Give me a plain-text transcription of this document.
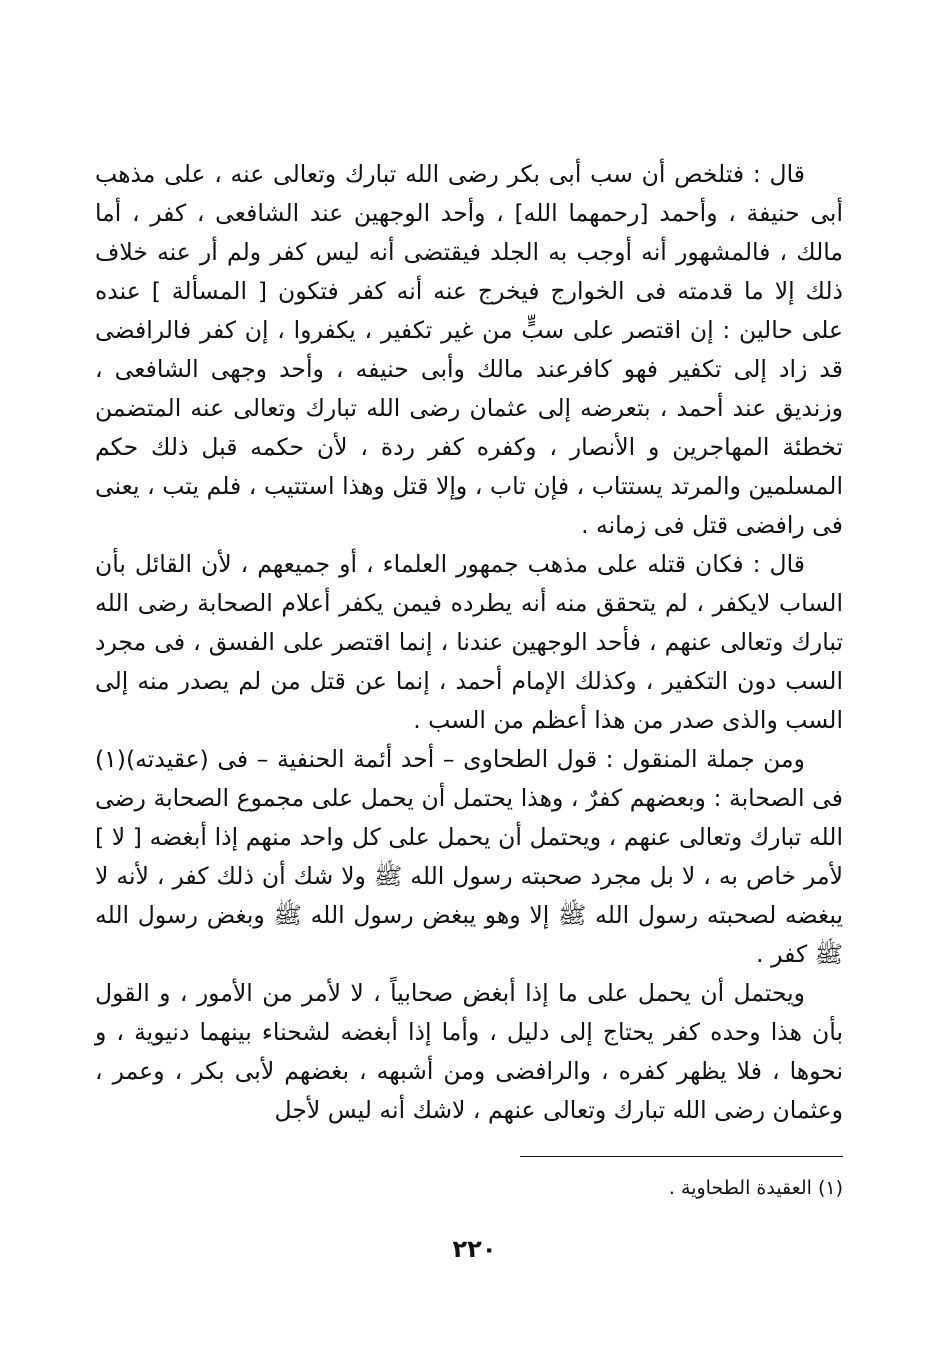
قال : فتلخص أن سب أبى بكر رضى الله تبارك وتعالى عنه ، على مذهب أبى حنيفة ، وأحمد [رحمهما الله] ، وأحد الوجهين عند الشافعى ، كفر ، أما مالك ، فالمشهور أنه أوجب به الجلد فيقتضى أنه ليس كفر ولم أر عنه خلاف ذلك إلا ما قدمته فى الخوارج فيخرج عنه أنه كفر فتكون [ المسألة ] عنده على حالين : إن اقتصر على سبٍّ من غير تكفير ، يكفروا ، إن كفر فالرافضى قد زاد إلى تكفير فهو كافرعند مالك وأبى حنيفه ، وأحد وجهى الشافعى ، وزنديق عند أحمد ، بتعرضه إلى عثمان رضى الله تبارك وتعالى عنه المتضمن تخطئة المهاجرين و الأنصار ، وكفره كفر ردة ، لأن حكمه قبل ذلك حكم المسلمين والمرتد يستتاب ، فإن تاب ، وإلا قتل وهذا استتيب ، فلم يتب ، يعنى فى رافضى قتل فى زمانه .

قال : فكان قتله على مذهب جمهور العلماء ، أو جميعهم ، لأن القائل بأن الساب لايكفر ، لم يتحقق منه أنه يطرده فيمن يكفر أعلام الصحابة رضى الله تبارك وتعالى عنهم ، فأحد الوجهين عندنا ، إنما اقتصر على الفسق ، فى مجرد السب دون التكفير ، وكذلك الإمام أحمد ، إنما عن قتل من لم يصدر منه إلى السب والذى صدر من هذا أعظم من السب .

ومن جملة المنقول : قول الطحاوى – أحد أئمة الحنفية – فى (عقيدته)(١) فى الصحابة : وبعضهم كفرٌ ، وهذا يحتمل أن يحمل على مجموع الصحابة رضى الله تبارك وتعالى عنهم ، ويحتمل أن يحمل على كل واحد منهم إذا أبغضه [ لا ] لأمر خاص به ، لا بل مجرد صحبته رسول الله ﷺ ولا شك أن ذلك كفر ، لأنه لا يبغضه لصحبته رسول الله ﷺ إلا وهو يبغض رسول الله ﷺ وبغض رسول الله ﷺ كفر .

ويحتمل أن يحمل على ما إذا أبغض صحابياً ، لا لأمر من الأمور ، و القول بأن هذا وحده كفر يحتاج إلى دليل ، وأما إذا أبغضه لشحناء بينهما دنيوية ، و نحوها ، فلا يظهر كفره ، والرافضى ومن أشبهه ، بغضهم لأبى بكر ، وعمر ، وعثمان رضى الله تبارك وتعالى عنهم ، لاشك أنه ليس لأجل

(١) العقيدة الطحاوية .

٢٢٠
